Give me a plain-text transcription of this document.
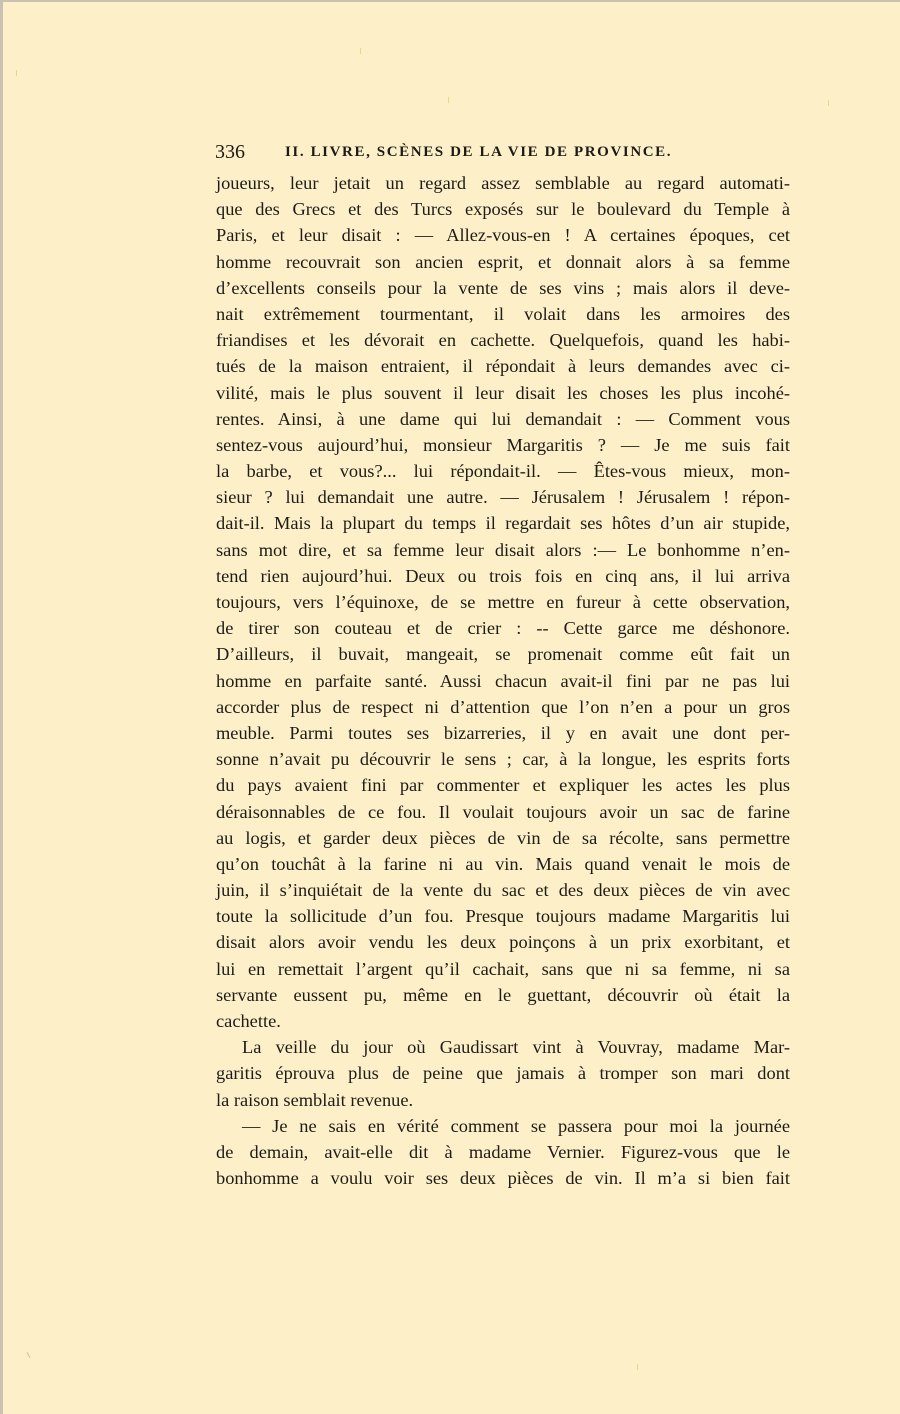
336	II. LIVRE, SCÈNES DE LA VIE DE PROVINCE.
joueurs, leur jetait un regard assez semblable au regard automati-
que des Grecs et des Turcs exposés sur le boulevard du Temple à
Paris, et leur disait : — Allez-vous-en ! A certaines époques, cet
homme recouvrait son ancien esprit, et donnait alors à sa femme
d’excellents conseils pour la vente de ses vins ; mais alors il deve-
nait extrêmement tourmentant, il volait dans les armoires des
friandises et les dévorait en cachette. Quelquefois, quand les habi-
tués de la maison entraient, il répondait à leurs demandes avec ci-
vilité, mais le plus souvent il leur disait les choses les plus incohé-
rentes. Ainsi, à une dame qui lui demandait : — Comment vous
sentez-vous aujourd’hui, monsieur Margaritis ? — Je me suis fait
la barbe, et vous?... lui répondait-il. — Êtes-vous mieux, mon-
sieur ? lui demandait une autre. — Jérusalem ! Jérusalem ! répon-
dait-il. Mais la plupart du temps il regardait ses hôtes d’un air stupide,
sans mot dire, et sa femme leur disait alors :— Le bonhomme n’en-
tend rien aujourd’hui. Deux ou trois fois en cinq ans, il lui arriva
toujours, vers l’équinoxe, de se mettre en fureur à cette observation,
de tirer son couteau et de crier : -- Cette garce me déshonore.
D’ailleurs, il buvait, mangeait, se promenait comme eût fait un
homme en parfaite santé. Aussi chacun avait-il fini par ne pas lui
accorder plus de respect ni d’attention que l’on n’en a pour un gros
meuble. Parmi toutes ses bizarreries, il y en avait une dont per-
sonne n’avait pu découvrir le sens ; car, à la longue, les esprits forts
du pays avaient fini par commenter et expliquer les actes les plus
déraisonnables de ce fou. Il voulait toujours avoir un sac de farine
au logis, et garder deux pièces de vin de sa récolte, sans permettre
qu’on touchât à la farine ni au vin. Mais quand venait le mois de
juin, il s’inquiétait de la vente du sac et des deux pièces de vin avec
toute la sollicitude d’un fou. Presque toujours madame Margaritis lui
disait alors avoir vendu les deux poinçons à un prix exorbitant, et
lui en remettait l’argent qu’il cachait, sans que ni sa femme, ni sa
servante eussent pu, même en le guettant, découvrir où était la
cachette.
La veille du jour où Gaudissart vint à Vouvray, madame Mar-
garitis éprouva plus de peine que jamais à tromper son mari dont
la raison semblait revenue.
— Je ne sais en vérité comment se passera pour moi la journée
de demain, avait-elle dit à madame Vernier. Figurez-vous que le
bonhomme a voulu voir ses deux pièces de vin. Il m’a si bien fait
